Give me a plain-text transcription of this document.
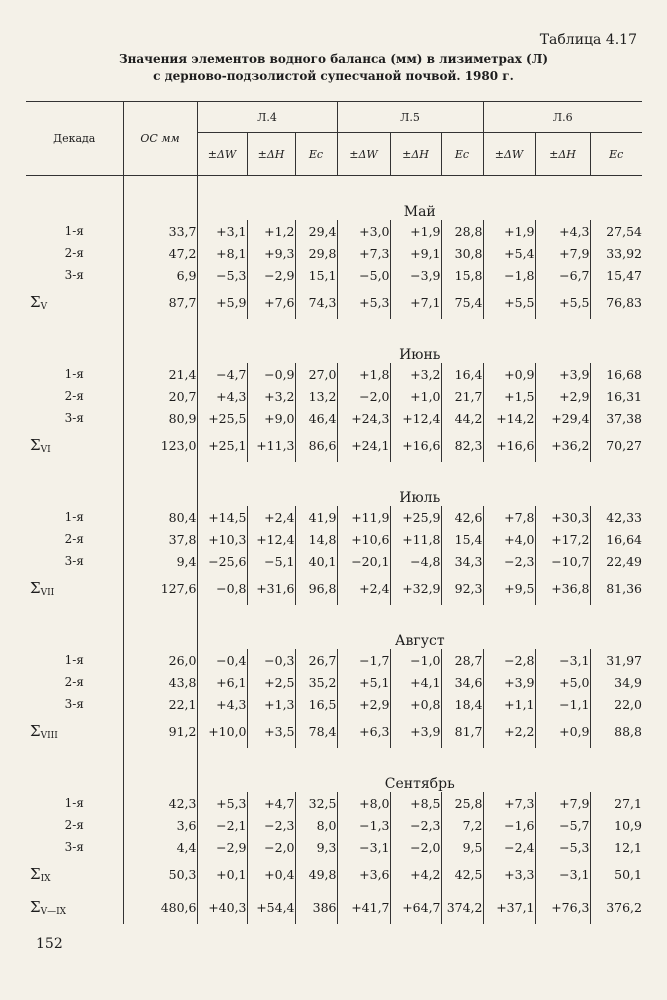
Таблица 4.17
Значения элементов водного баланса (мм) в лизиметрах (Л)
с дерново-подзолистой супесчаной почвой. 1980 г.

Декада	ОС мм	Л.4			Л.5			Л.6		
		±ΔW	±ΔH	Eс	±ΔW	±ΔH	Eс	±ΔW	±ΔH	Eс
		Май								
1-я	33,7	+3,1	+1,2	29,4	+3,0	+1,9	28,8	+1,9	+4,3	27,54
2-я	47,2	+8,1	+9,3	29,8	+7,3	+9,1	30,8	+5,4	+7,9	33,92
3-я	6,9	−5,3	−2,9	15,1	−5,0	−3,9	15,8	−1,8	−6,7	15,47
$\Sigma_V$	87,7	+5,9	+7,6	74,3	+5,3	+7,1	75,4	+5,5	+5,5	76,83
		Июнь								
1-я	21,4	−4,7	−0,9	27,0	+1,8	+3,2	16,4	+0,9	+3,9	16,68
2-я	20,7	+4,3	+3,2	13,2	−2,0	+1,0	21,7	+1,5	+2,9	16,31
3-я	80,9	+25,5	+9,0	46,4	+24,3	+12,4	44,2	+14,2	+29,4	37,38
$\Sigma_{VI}$	123,0	+25,1	+11,3	86,6	+24,1	+16,6	82,3	+16,6	+36,2	70,27
		Июль								
1-я	80,4	+14,5	+2,4	41,9	+11,9	+25,9	42,6	+7,8	+30,3	42,33
2-я	37,8	+10,3	+12,4	14,8	+10,6	+11,8	15,4	+4,0	+17,2	16,64
3-я	9,4	−25,6	−5,1	40,1	−20,1	−4,8	34,3	−2,3	−10,7	22,49
$\Sigma_{VII}$	127,6	−0,8	+31,6	96,8	+2,4	+32,9	92,3	+9,5	+36,8	81,36
		Август								
1-я	26,0	−0,4	−0,3	26,7	−1,7	−1,0	28,7	−2,8	−3,1	31,97
2-я	43,8	+6,1	+2,5	35,2	+5,1	+4,1	34,6	+3,9	+5,0	34,9
3-я	22,1	+4,3	+1,3	16,5	+2,9	+0,8	18,4	+1,1	−1,1	22,0
$\Sigma_{VIII}$	91,2	+10,0	+3,5	78,4	+6,3	+3,9	81,7	+2,2	+0,9	88,8
		Сентябрь								
1-я	42,3	+5,3	+4,7	32,5	+8,0	+8,5	25,8	+7,3	+7,9	27,1
2-я	3,6	−2,1	−2,3	8,0	−1,3	−2,3	7,2	−1,6	−5,7	10,9
3-я	4,4	−2,9	−2,0	9,3	−3,1	−2,0	9,5	−2,4	−5,3	12,1
$\Sigma_{IX}$	50,3	+0,1	+0,4	49,8	+3,6	+4,2	42,5	+3,3	−3,1	50,1
$\Sigma_{V—IX}$	480,6	+40,3	+54,4	386	+41,7	+64,7	374,2	+37,1	+76,3	376,2
152
